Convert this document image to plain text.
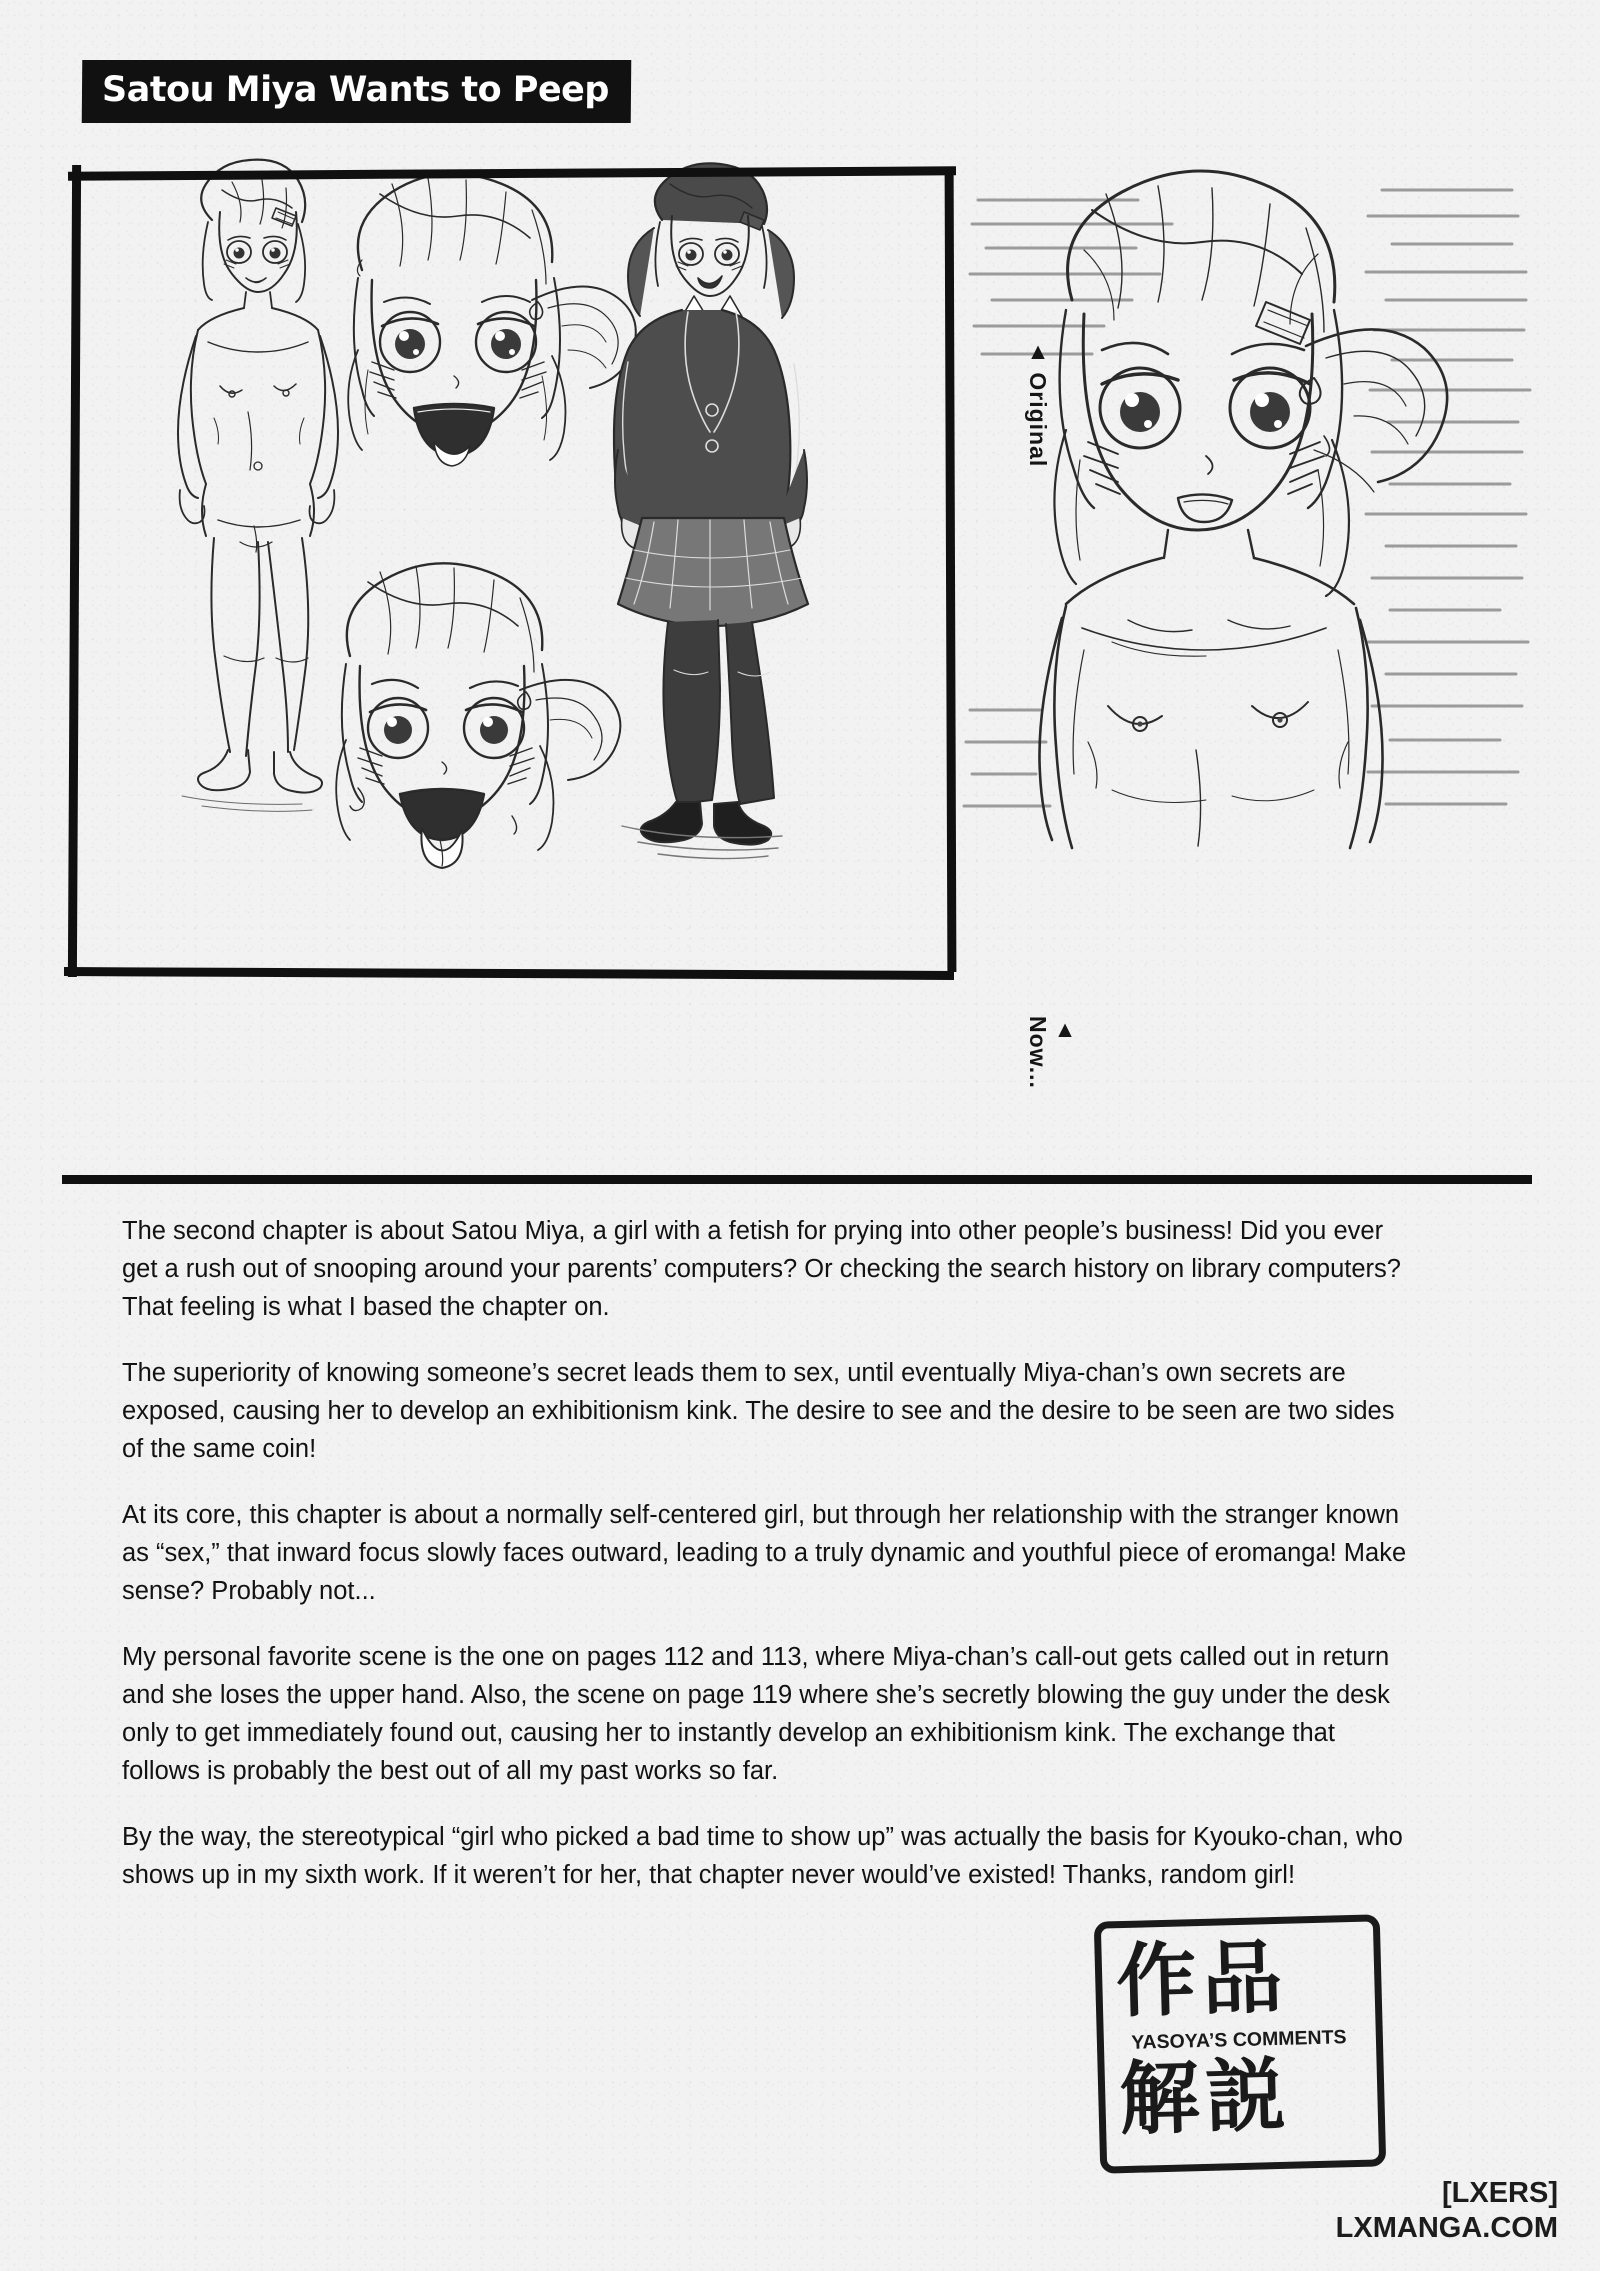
Satou Miya Wants to Peep
▲ Original
▲ Now...

The second chapter is about Satou Miya, a girl with a fetish for prying into other people’s business! Did you ever get a rush out of snooping around your parents’ computers? Or checking the search history on library computers? That feeling is what I based the chapter on.

The superiority of knowing someone’s secret leads them to sex, until eventually Miya-chan’s own secrets are exposed, causing her to develop an exhibitionism kink. The desire to see and the desire to be seen are two sides of the same coin!

At its core, this chapter is about a normally self-centered girl, but through her relationship with the stranger known as “sex,” that inward focus slowly faces outward, leading to a truly dynamic and youthful piece of eromanga! Make sense? Probably not...

My personal favorite scene is the one on pages 112 and 113, where Miya-chan’s call-out gets called out in return and she loses the upper hand. Also, the scene on page 119 where she’s secretly blowing the guy under the desk only to get immediately found out, causing her to instantly develop an exhibitionism kink. The exchange that follows is probably the best out of all my past works so far.

By the way, the stereotypical “girl who picked a bad time to show up” was actually the basis for Kyouko-chan, who shows up in my sixth work. If it weren’t for her, that chapter never would’ve existed! Thanks, random girl!

作 品
YASOYA’S COMMENTS
解 説
[LXERS]
LXMANGA.COM
